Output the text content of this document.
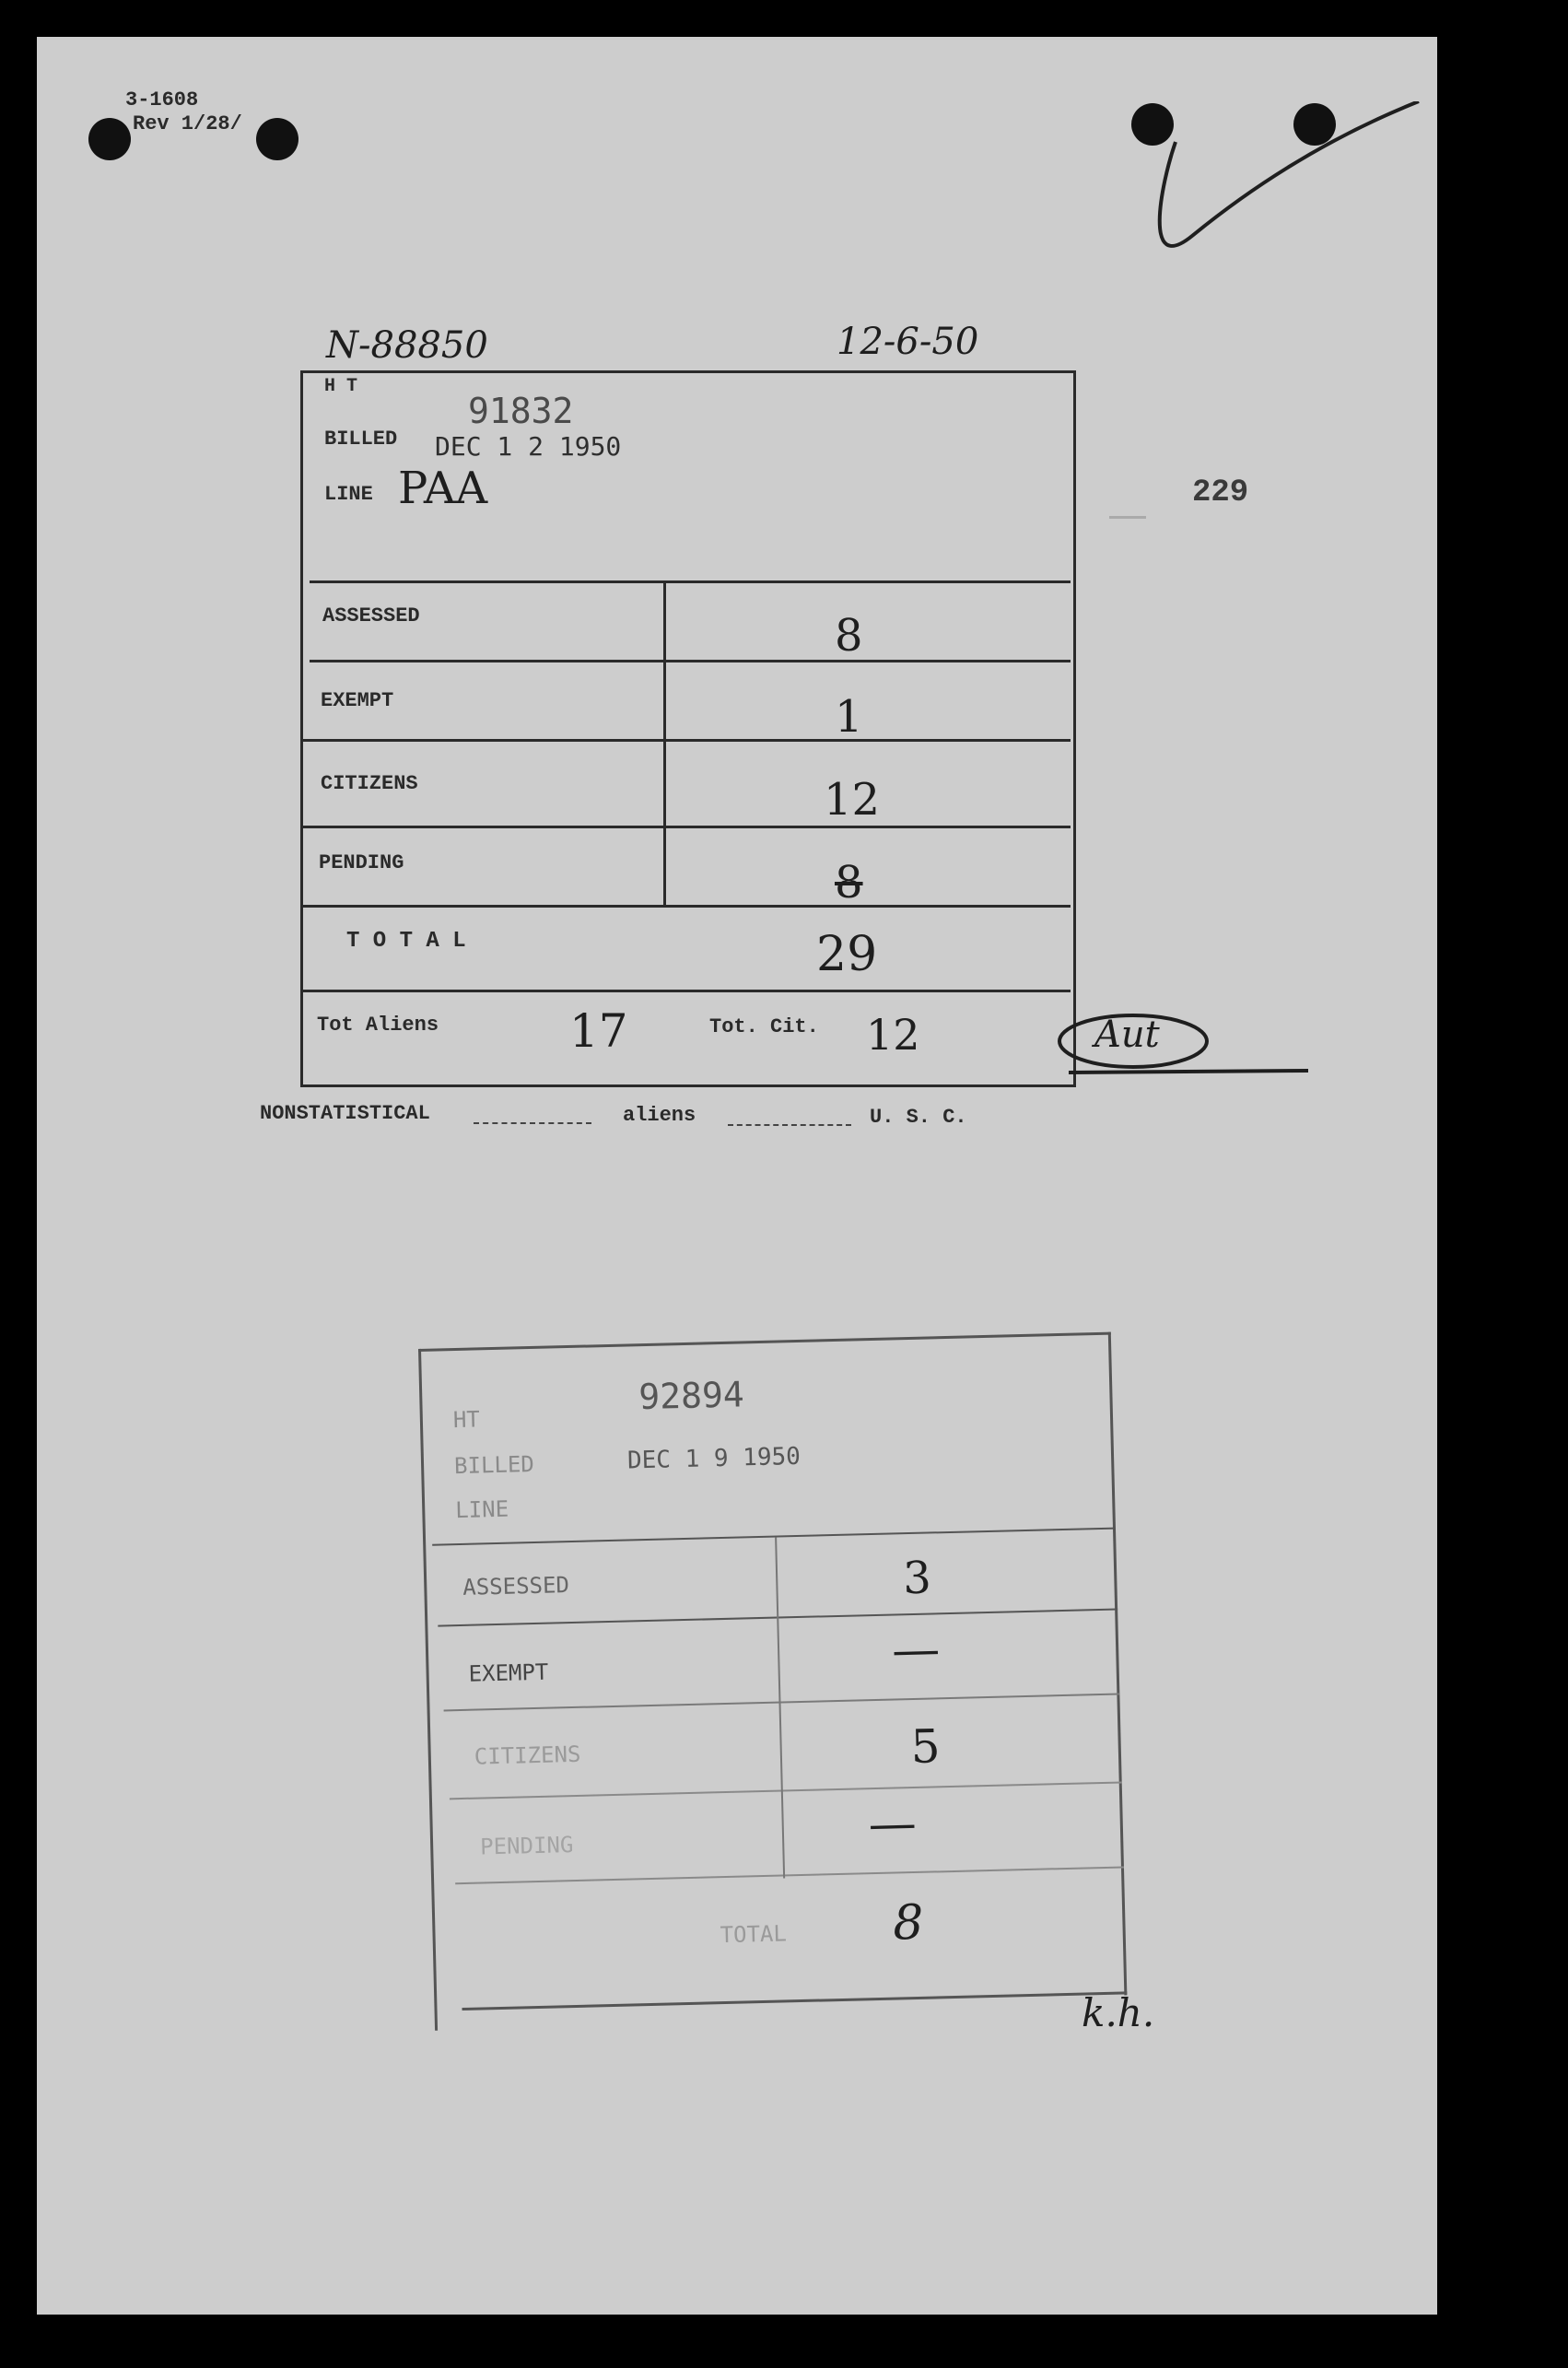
3-1608
Rev 1/28/
N-88850	12-6-50
229
H T
91832
BILLED DEC 1 2 1950
LINE PAA
ASSESSED	8
EXEMPT	1
CITIZENS	12
PENDING	8
T O T A L	29
Tot Aliens	17	Tot. Cit. 12	Aut
NONSTATISTICAL	aliens	U. S. C.
HT
92894
BILLED	DEC 1 9 1950
LINE
ASSESSED	3
EXEMPT	—
CITIZENS	5
PENDING	—
TOTAL 8
k.h.
